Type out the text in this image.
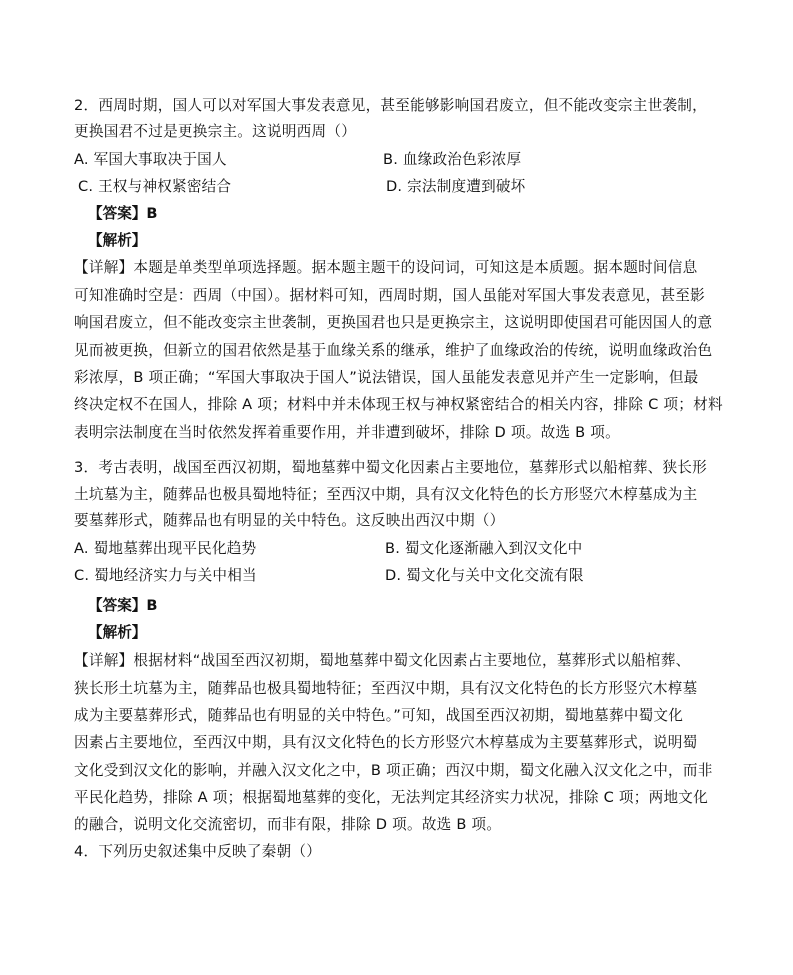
2．西周时期，国人可以对军国大事发表意见，甚至能够影响国君废立，但不能改变宗主世袭制，
更换国君不过是更换宗主。这说明西周（）
A. 军国大事取决于国人	B. 血缘政治色彩浓厚
C. 王权与神权紧密结合	D. 宗法制度遭到破坏
【答案】B
【解析】
【详解】本题是单类型单项选择题。据本题主题干的设问词，可知这是本质题。据本题时间信息
可知准确时空是：西周（中国）。据材料可知，西周时期，国人虽能对军国大事发表意见，甚至影
响国君废立，但不能改变宗主世袭制，更换国君也只是更换宗主，这说明即使国君可能因国人的意
见而被更换，但新立的国君依然是基于血缘关系的继承，维护了血缘政治的传统，说明血缘政治色
彩浓厚，B 项正确；“军国大事取决于国人”说法错误，国人虽能发表意见并产生一定影响，但最
终决定权不在国人，排除 A 项；材料中并未体现王权与神权紧密结合的相关内容，排除 C 项；材料
表明宗法制度在当时依然发挥着重要作用，并非遭到破坏，排除 D 项。故选 B 项。
3．考古表明，战国至西汉初期，蜀地墓葬中蜀文化因素占主要地位，墓葬形式以船棺葬、狭长形
土坑墓为主，随葬品也极具蜀地特征；至西汉中期，具有汉文化特色的长方形竖穴木椁墓成为主
要墓葬形式，随葬品也有明显的关中特色。这反映出西汉中期（）
A. 蜀地墓葬出现平民化趋势	B. 蜀文化逐渐融入到汉文化中
C. 蜀地经济实力与关中相当	D. 蜀文化与关中文化交流有限
【答案】B
【解析】
【详解】根据材料“战国至西汉初期，蜀地墓葬中蜀文化因素占主要地位，墓葬形式以船棺葬、
狭长形土坑墓为主，随葬品也极具蜀地特征；至西汉中期，具有汉文化特色的长方形竖穴木椁墓
成为主要墓葬形式，随葬品也有明显的关中特色。”可知，战国至西汉初期，蜀地墓葬中蜀文化
因素占主要地位，至西汉中期，具有汉文化特色的长方形竖穴木椁墓成为主要墓葬形式，说明蜀
文化受到汉文化的影响，并融入汉文化之中，B 项正确；西汉中期，蜀文化融入汉文化之中，而非
平民化趋势，排除 A 项；根据蜀地墓葬的变化，无法判定其经济实力状况，排除 C 项；两地文化
的融合，说明文化交流密切，而非有限，排除 D 项。故选 B 项。
4．下列历史叙述集中反映了秦朝（）
